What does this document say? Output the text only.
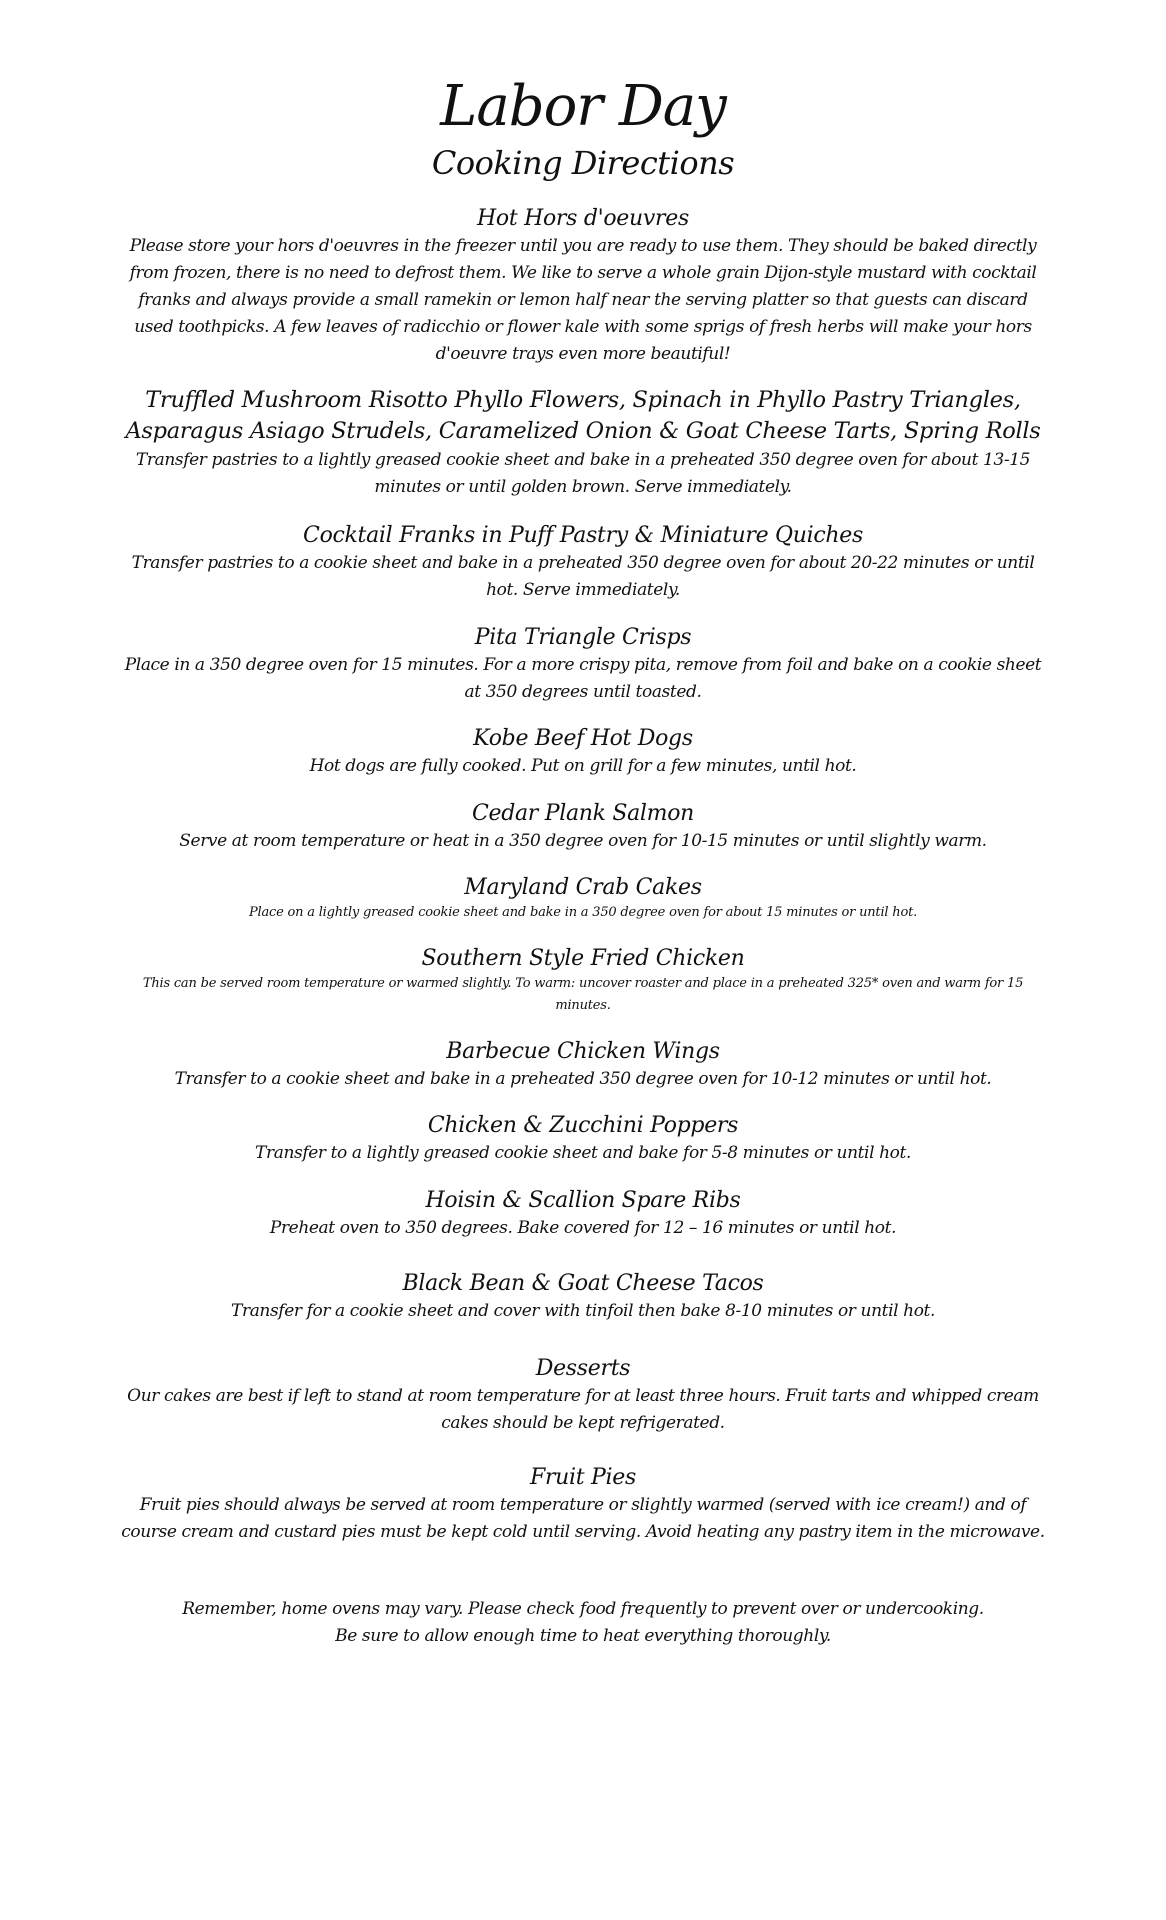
Labor Day
Cooking Directions
Hot Hors d'oeuvres
Please store your hors d'oeuvres in the freezer until you are ready to use them. They should be baked directly from frozen, there is no need to defrost them. We like to serve a whole grain Dijon-style mustard with cocktail franks and always provide a small ramekin or lemon half near the serving platter so that guests can discard used toothpicks. A few leaves of radicchio or flower kale with some sprigs of fresh herbs will make your hors d'oeuvre trays even more beautiful!
Truffled Mushroom Risotto Phyllo Flowers, Spinach in Phyllo Pastry Triangles, Asparagus Asiago Strudels, Caramelized Onion & Goat Cheese Tarts, Spring Rolls
Transfer pastries to a lightly greased cookie sheet and bake in a preheated 350 degree oven for about 13-15 minutes or until golden brown. Serve immediately.
Cocktail Franks in Puff Pastry & Miniature Quiches
Transfer pastries to a cookie sheet and bake in a preheated 350 degree oven for about 20-22 minutes or until hot. Serve immediately.
Pita Triangle Crisps
Place in a 350 degree oven for 15 minutes. For a more crispy pita, remove from foil and bake on a cookie sheet at 350 degrees until toasted.
Kobe Beef Hot Dogs
Hot dogs are fully cooked. Put on grill for a few minutes, until hot.
Cedar Plank Salmon
Serve at room temperature or heat in a 350 degree oven for 10-15 minutes or until slightly warm.
Maryland Crab Cakes
Place on a lightly greased cookie sheet and bake in a 350 degree oven for about 15 minutes or until hot.
Southern Style Fried Chicken
This can be served room temperature or warmed slightly. To warm: uncover roaster and place in a preheated 325* oven and warm for 15 minutes.
Barbecue Chicken Wings
Transfer to a cookie sheet and bake in a preheated 350 degree oven for 10-12 minutes or until hot.
Chicken & Zucchini Poppers
Transfer to a lightly greased cookie sheet and bake for 5-8 minutes or until hot.
Hoisin & Scallion Spare Ribs
Preheat oven to 350 degrees. Bake covered for 12 – 16 minutes or until hot.
Black Bean & Goat Cheese Tacos
Transfer for a cookie sheet and cover with tinfoil then bake 8-10 minutes or until hot.
Desserts
Our cakes are best if left to stand at room temperature for at least three hours. Fruit tarts and whipped cream cakes should be kept refrigerated.
Fruit Pies
Fruit pies should always be served at room temperature or slightly warmed (served with ice cream!) and of course cream and custard pies must be kept cold until serving. Avoid heating any pastry item in the microwave.
Remember, home ovens may vary. Please check food frequently to prevent over or undercooking.
Be sure to allow enough time to heat everything thoroughly.
